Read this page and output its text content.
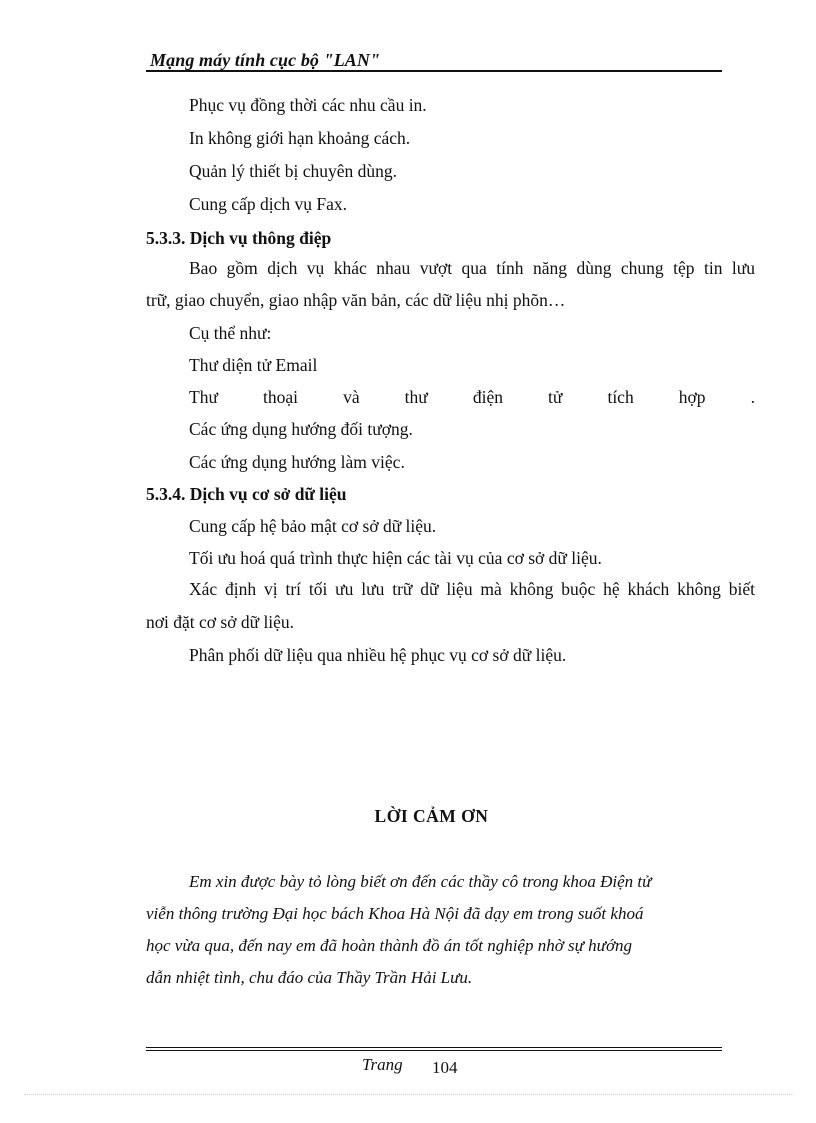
Mạng máy tính cục bộ "LAN"
Phục vụ đồng thời các nhu cầu in.
In không giới hạn khoảng cách.
Quản lý thiết bị chuyên dùng.
Cung cấp dịch vụ Fax.
5.3.3. Dịch vụ thông điệp
Bao gồm dịch vụ khác nhau vượt qua tính năng dùng chung tệp tin lưu
trữ, giao chuyển, giao nhập văn bản, các dữ liệu nhị phõn…
Cụ thể như:
Thư diện tử Email
Thư	thoại	và	thư	điện	tử	tích	hợp	.
Các ứng dụng hướng đối tượng.
Các ứng dụng hướng làm việc.
5.3.4. Dịch vụ cơ sở dữ liệu
Cung cấp hệ bảo mật cơ sở dữ liệu.
Tối ưu hoá quá trình thực hiện các tài vụ của cơ sở dữ liệu.
Xác định vị trí tối ưu lưu trữ dữ liệu mà không buộc hệ khách không biết
nơi đặt cơ sở dữ liệu.
Phân phối dữ liệu qua nhiều hệ phục vụ cơ sở dữ liệu.
LỜI CẢM ƠN
Em xin được bày tỏ lòng biết ơn đến các thầy cô trong khoa Điện tử
viễn thông trường Đại học bách Khoa Hà Nội đã dạy em trong suốt khoá
học vừa qua, đến nay em đã hoàn thành đồ án tốt nghiệp nhờ sự hướng
dẫn nhiệt tình, chu đáo của Thầy Trần Hải Lưu.
Trang 104
